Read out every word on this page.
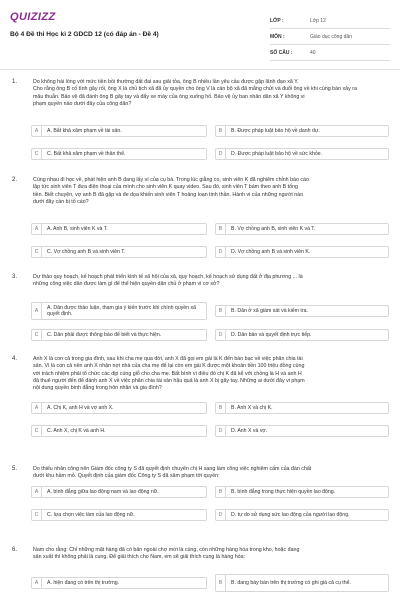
QUIZIZZ
Bộ 4 Đề thi Học kì 2 GDCD 12 (có đáp án - Đề 4)
LỚP :	Lớp 12
MÔN :	Giáo dục công dân
SỐ CÂU :	40
1.	Do không hài lòng với mức tiền bồi thường đất đai sau giải tỏa, ông B nhiều lần yêu cầu được gặp lãnh đạo xã Y.
Cho rằng ông B cố tình gây rối, ông X là chủ tịch xã đã ủy quyền cho ông V là cán bộ xã đã mắng chửi và đuổi ông về khi cùng bàn xây ra
mâu thuẫn. Bảo vệ đã đánh ông B gãy tay và đẩy xe máy của ông xuống hố. Bảo vệ ủy ban nhân dân xã Y không vi
phạm quyền nào dưới đây của công dân?
A	A. Bất khả xâm phạm về tài sản.	B	B. Được pháp luật bảo hộ về danh dự.
C	C. Bất khả xâm phạm về thân thể.	D	D. Được pháp luật bảo hộ về sức khỏe.
2.	Cùng nhau đi học về, phát hiện anh B đang lấy ví của cụ bà. Trong lúc giằng co, sinh viên K đã nghiêm chỉnh báo cáo
lập tức sinh viên T đưa điện thoại của mình cho sinh viên K quay video. Sau đó, sinh viên T bám theo anh B tống
tiền. Biết chuyện, vợ anh B đã gặp và đe dọa khiến sinh viên T hoảng loạn tinh thần. Hành vi của những người nào
dưới đây cần bị tố cáo?
A	A. Anh B, sinh viên K và T.	B	B. Vợ chồng anh B, sinh viên K và T.
C	C. Vợ chồng anh B và sinh viên T.	D	D. Vợ chồng anh B và sinh viên K.
3.	Dự thảo quy hoạch, kế hoạch phát triển kinh tế xã hội của xã, quy hoạch, kế hoạch sử dụng đất ở địa phương ... là
những công việc dân được làm gì để thể hiện quyền dân chủ ở phạm vi cơ sở?
A
A. Dân được thảo luận, tham gia ý kiến trước khi chính quyền xã quyết định.	B	B. Dân ở xã giám sát và kiểm tra.
C	C. Dân phải được thông báo để biết và thực hiện.	D	D. Dân bàn và quyết định trực tiếp.
4.	Anh X là con cả trong gia đình, sau khi cha mẹ qua đời, anh X đã gọi em gái là K đến bàn bạc về việc phân chia tài
sản. Vì là con cả nên anh X nhận nợi nhà của cha mẹ để lại còn em gái K được một khoản tiền 100 triệu đồng cùng
với trách nhiệm phải tổ chức các dịp cúng giỗ cho cha mẹ. Bất bình vì điều đó chị K đã kể với chồng là H và anh H
đã thuê người đến để đánh anh X về việc phân chia tài sản hậu quả là anh X bị gãy tay. Những ai dưới đây vi phạm
nội dung quyền bình đẳng trong hôn nhân và gia đình?
A	A. Chị K, anh H và vợ anh X.	B	B. Anh X và chị K.
C	C. Anh X, chị K và anh H.	D	D. Anh X và vợ.
5.	Do thiếu nhân công nên Giám đốc công ty S đã quyết định chuyển chị H sang làm công việc nghiêm cấm của đàn chất
dưới khu hầm mỏ. Quyết định của giám đốc Công ty S đã xâm phạm tới quyền:
A	A. bình đẳng giữa lao động nam và lao động nữ.	B	B. bình đẳng trong thực hiện quyền lao động.
C	C. lựa chọn việc làm của lao động nữ.	D	D. tự do sử dụng sức lao động của người lao động.
6.	Nam cho rằng: Chỉ những mặt hàng đã có bản ngoài chợ mới là cùng, còn những hàng hóa trong kho, hoặc đang
sản xuất thì không phải là cung. Để giải thích cho Nam, em sẽ giải thích cung là hàng hóa:
A	A. hiện đang có trên thị trường.	B	B. đang bày bán trên thị trường có ghi giá cả cụ thể.
